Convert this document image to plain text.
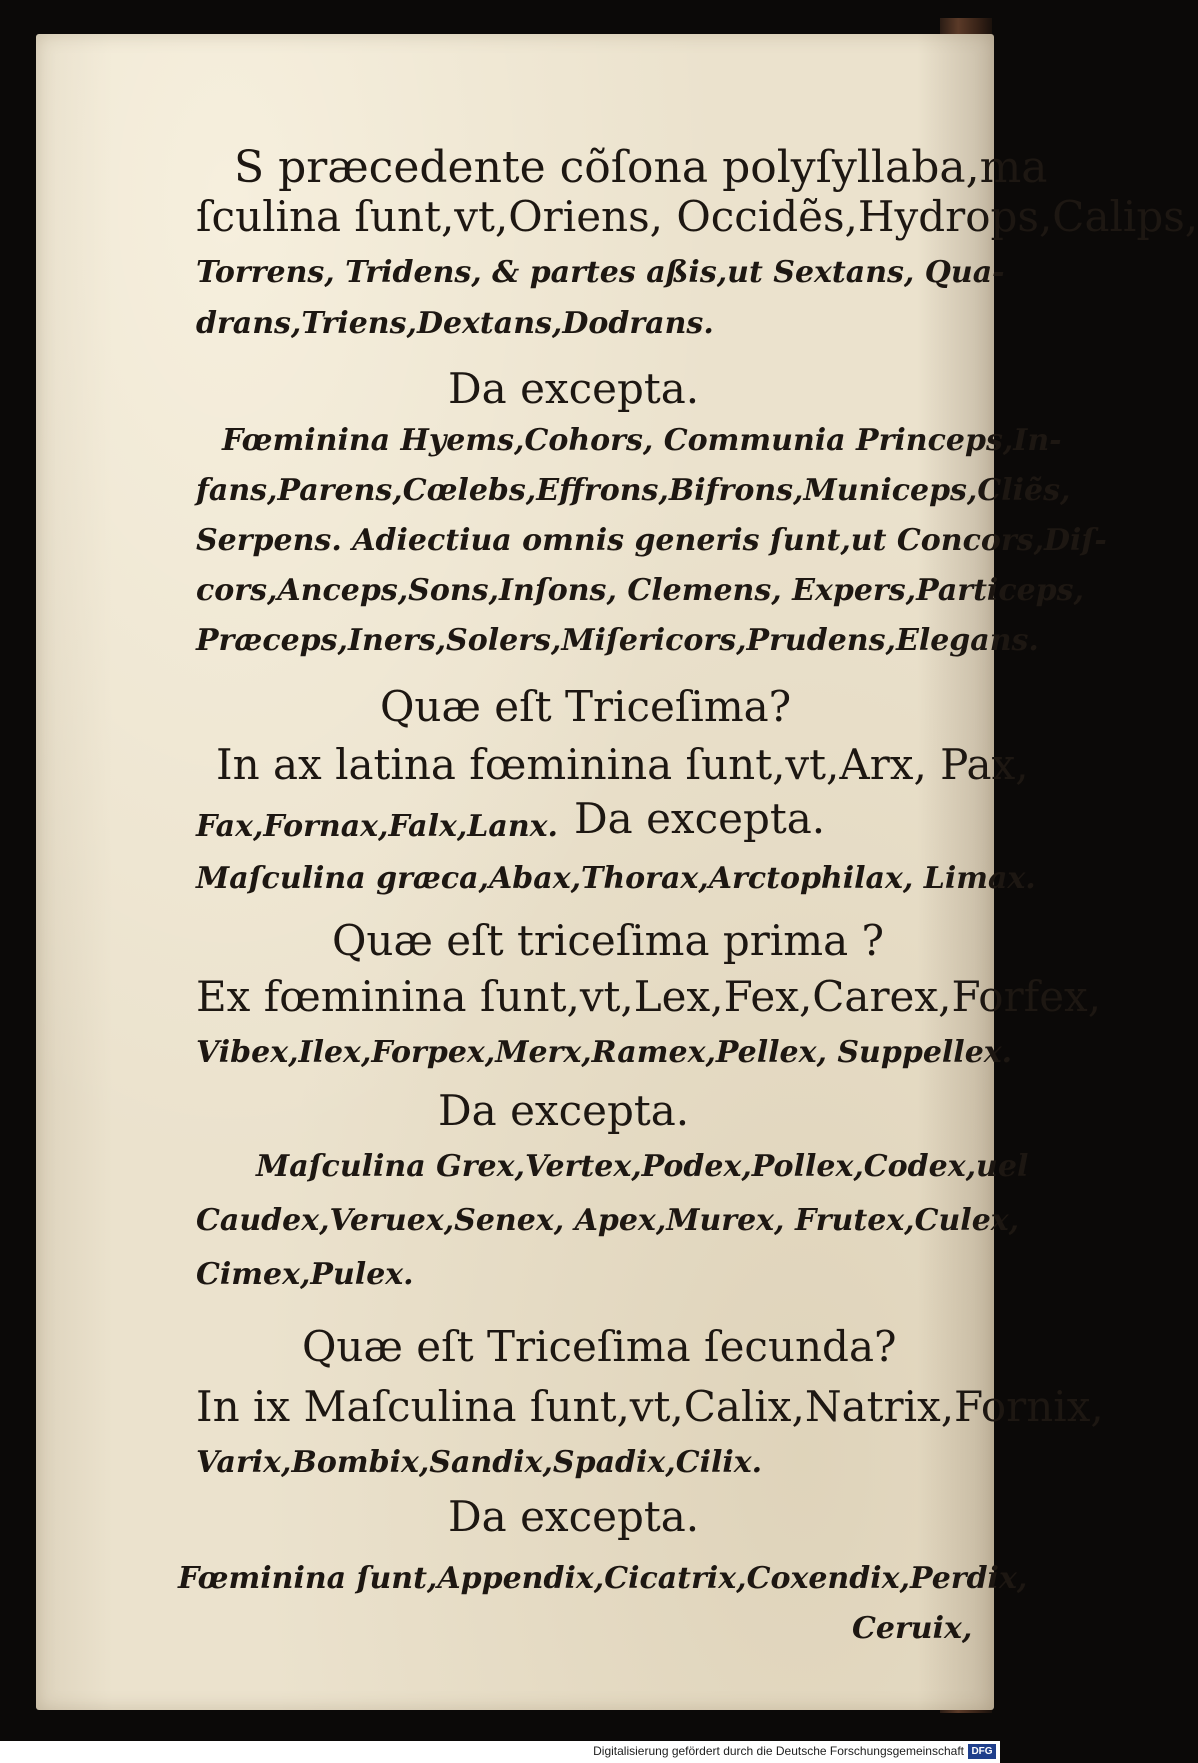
S præcedente cõſona polyſyllaba,ma
ſculina ſunt,vt,Oriens, Occidẽs,Hydrops,Calips,
Torrens, Tridens, & partes aßis,ut Sextans, Qua-
drans,Triens,Dextans,Dodrans.
Da excepta.
Fœminina Hyems,Cohors, Communia Princeps,In-
fans,Parens,Cœlebs,Effrons,Bifrons,Municeps,Cliẽs,
Serpens. Adiectiua omnis generis ſunt,ut Concors,Diſ-
cors,Anceps,Sons,Inſons, Clemens, Expers,Particeps,
Præceps,Iners,Solers,Miſericors,Prudens,Elegans.
Quæ eſt Triceſima?
In ax latina fœminina ſunt,vt,Arx, Pax,
Fax,Fornax,Falx,Lanx. Da excepta.
Maſculina græca,Abax,Thorax,Arctophilax, Limax.
Quæ eſt triceſima prima ?
Ex fœminina ſunt,vt,Lex,Fex,Carex,Forfex,
Vibex,Ilex,Forpex,Merx,Ramex,Pellex, Suppellex.
Da excepta.
Maſculina Grex,Vertex,Podex,Pollex,Codex,uel
Caudex,Veruex,Senex, Apex,Murex, Frutex,Culex,
Cimex,Pulex.
Quæ eſt Triceſima ſecunda?
In ix Maſculina ſunt,vt,Calix,Natrix,Fornix,
Varix,Bombix,Sandix,Spadix,Cilix.
Da excepta.
Fœminina ſunt,Appendix,Cicatrix,Coxendix,Perdix,
Ceruix,
Digitalisierung gefördert durch die Deutsche Forschungsgemeinschaft DFG
